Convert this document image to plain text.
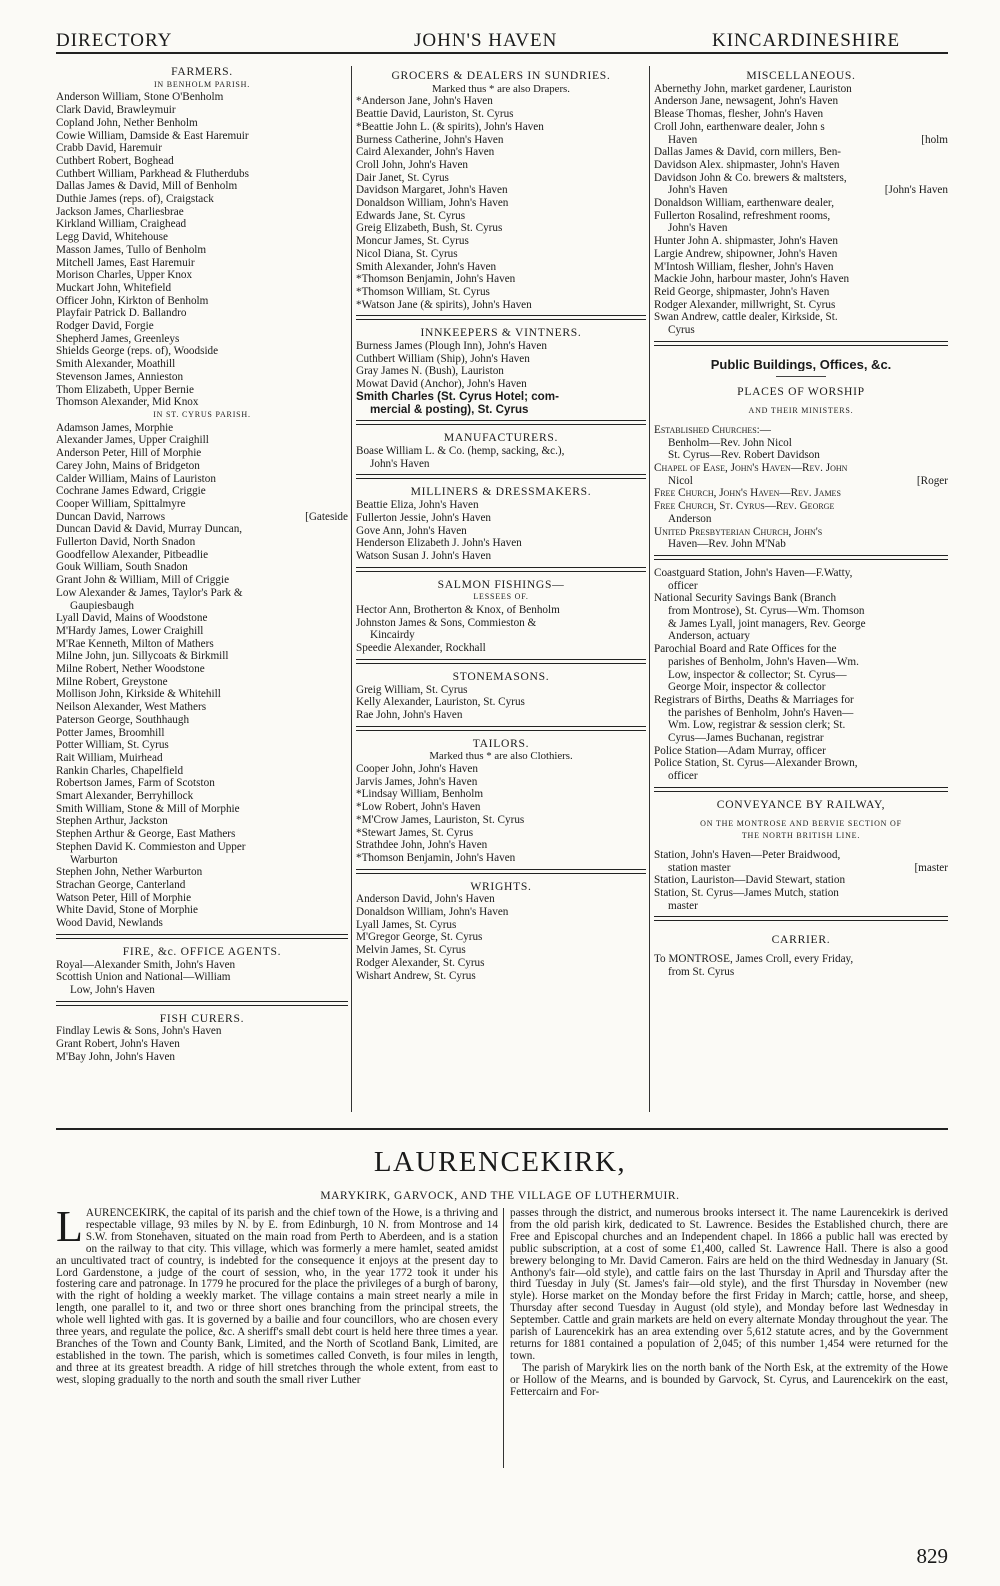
DIRECTORY	JOHN'S HAVEN	KINCARDINESHIRE
FARMERS.
IN BENHOLM PARISH.
Anderson William, Stone O'Benholm
Clark David, Brawleymuir
Copland John, Nether Benholm
Cowie William, Damside & East Haremuir
Crabb David, Haremuir
Cuthbert Robert, Boghead
Cuthbert William, Parkhead & Flutherdubs
Dallas James & David, Mill of Benholm
Duthie James (reps. of), Craigstack
Jackson James, Charliesbrae
Kirkland William, Craighead
Legg David, Whitehouse
Masson James, Tullo of Benholm
Mitchell James, East Haremuir
Morison Charles, Upper Knox
Muckart John, Whitefield
Officer John, Kirkton of Benholm
Playfair Patrick D. Ballandro
Rodger David, Forgie
Shepherd James, Greenleys
Shields George (reps. of), Woodside
Smith Alexander, Moathill
Stevenson James, Annieston
Thom Elizabeth, Upper Bernie
Thomson Alexander, Mid Knox
IN ST. CYRUS PARISH.
Adamson James, Morphie
Alexander James, Upper Craighill
Anderson Peter, Hill of Morphie
Carey John, Mains of Bridgeton
Calder William, Mains of Lauriston
Cochrane James Edward, Criggie
Cooper William, Spittalmyre
Duncan David, Narrows	[Gateside
Duncan David & David, Murray Duncan,
Fullerton David, North Snadon
Goodfellow Alexander, Pitbeadlie
Gouk William, South Snadon
Grant John & William, Mill of Criggie
Low Alexander & James, Taylor's Park &
Gaupiesbaugh
Lyall David, Mains of Woodstone
M'Hardy James, Lower Craighill
M'Rae Kenneth, Milton of Mathers
Milne John, jun. Sillycoats & Birkmill
Milne Robert, Nether Woodstone
Milne Robert, Greystone
Mollison John, Kirkside & Whitehill
Neilson Alexander, West Mathers
Paterson George, Southhaugh
Potter James, Broomhill
Potter William, St. Cyrus
Rait William, Muirhead
Rankin Charles, Chapelfield
Robertson James, Farm of Scotston
Smart Alexander, Berryhillock
Smith William, Stone & Mill of Morphie
Stephen Arthur, Jackston
Stephen Arthur & George, East Mathers
Stephen David K. Commieston and Upper
Warburton
Stephen John, Nether Warburton
Strachan George, Canterland
Watson Peter, Hill of Morphie
White David, Stone of Morphie
Wood David, Newlands
FIRE, &c. OFFICE AGENTS.
Royal—Alexander Smith, John's Haven
Scottish Union and National—William
Low, John's Haven
FISH CURERS.
Findlay Lewis & Sons, John's Haven
Grant Robert, John's Haven
M'Bay John, John's Haven
GROCERS & DEALERS IN SUNDRIES.
Marked thus * are also Drapers.
*Anderson Jane, John's Haven
Beattie David, Lauriston, St. Cyrus
*Beattie John L. (& spirits), John's Haven
Burness Catherine, John's Haven
Caird Alexander, John's Haven
Croll John, John's Haven
Dair Janet, St. Cyrus
Davidson Margaret, John's Haven
Donaldson William, John's Haven
Edwards Jane, St. Cyrus
Greig Elizabeth, Bush, St. Cyrus
Moncur James, St. Cyrus
Nicol Diana, St. Cyrus
Smith Alexander, John's Haven
*Thomson Benjamin, John's Haven
*Thomson William, St. Cyrus
*Watson Jane (& spirits), John's Haven
INNKEEPERS & VINTNERS.
Burness James (Plough Inn), John's Haven
Cuthbert William (Ship), John's Haven
Gray James N. (Bush), Lauriston
Mowat David (Anchor), John's Haven
Smith Charles (St. Cyrus Hotel; com-
mercial & posting), St. Cyrus
MANUFACTURERS.
Boase William L. & Co. (hemp, sacking, &c.),
John's Haven
MILLINERS & DRESSMAKERS.
Beattie Eliza, John's Haven
Fullerton Jessie, John's Haven
Gove Ann, John's Haven
Henderson Elizabeth J. John's Haven
Watson Susan J. John's Haven
SALMON FISHINGS—
LESSEES OF.
Hector Ann, Brotherton & Knox, of Benholm
Johnston James & Sons, Commieston &
Kincairdy
Speedie Alexander, Rockhall
STONEMASONS.
Greig William, St. Cyrus
Kelly Alexander, Lauriston, St. Cyrus
Rae John, John's Haven
TAILORS.
Marked thus * are also Clothiers.
Cooper John, John's Haven
Jarvis James, John's Haven
*Lindsay William, Benholm
*Low Robert, John's Haven
*M'Crow James, Lauriston, St. Cyrus
*Stewart James, St. Cyrus
Strathdee John, John's Haven
*Thomson Benjamin, John's Haven
WRIGHTS.
Anderson David, John's Haven
Donaldson William, John's Haven
Lyall James, St. Cyrus
M'Gregor George, St. Cyrus
Melvin James, St. Cyrus
Rodger Alexander, St. Cyrus
Wishart Andrew, St. Cyrus
MISCELLANEOUS.
Abernethy John, market gardener, Lauriston
Anderson Jane, newsagent, John's Haven
Blease Thomas, flesher, John's Haven
Croll John, earthenware dealer, John s
Haven	[holm
Dallas James & David, corn millers, Ben-
Davidson Alex. shipmaster, John's Haven
Davidson John & Co. brewers & maltsters,
John's Haven	[John's Haven
Donaldson William, earthenware dealer,
Fullerton Rosalind, refreshment rooms,
John's Haven
Hunter John A. shipmaster, John's Haven
Largie Andrew, shipowner, John's Haven
M'Intosh William, flesher, John's Haven
Mackie John, harbour master, John's Haven
Reid George, shipmaster, John's Haven
Rodger Alexander, millwright, St. Cyrus
Swan Andrew, cattle dealer, Kirkside, St.
Cyrus
Public Buildings, Offices, &c.
PLACES OF WORSHIP
AND THEIR MINISTERS.
Established Churches:—
Benholm—Rev. John Nicol
St. Cyrus—Rev. Robert Davidson
Chapel of Ease, John's Haven—Rev. John
Nicol	[Roger
Free Church, John's Haven—Rev. James
Free Church, St. Cyrus—Rev. George
Anderson
United Presbyterian Church, John's
Haven—Rev. John M'Nab
Coastguard Station, John's Haven—F.Watty,
officer
National Security Savings Bank (Branch
from Montrose), St. Cyrus—Wm. Thomson
& James Lyall, joint managers, Rev. George
Anderson, actuary
Parochial Board and Rate Offices for the
parishes of Benholm, John's Haven—Wm.
Low, inspector & collector; St. Cyrus—
George Moir, inspector & collector
Registrars of Births, Deaths & Marriages for
the parishes of Benholm, John's Haven—
Wm. Low, registrar & session clerk; St.
Cyrus—James Buchanan, registrar
Police Station—Adam Murray, officer
Police Station, St. Cyrus—Alexander Brown,
officer
CONVEYANCE BY RAILWAY,
ON THE MONTROSE AND BERVIE SECTION OF
THE NORTH BRITISH LINE.
Station, John's Haven—Peter Braidwood,
station master	[master
Station, Lauriston—David Stewart, station
Station, St. Cyrus—James Mutch, station
master
CARRIER.
To MONTROSE, James Croll, every Friday,
from St. Cyrus
LAURENCEKIRK,
MARYKIRK, GARVOCK, AND THE VILLAGE OF LUTHERMUIR.
LAURENCEKIRK, the capital of its parish and the chief town of the Howe, is a thriving and respectable village, 93 miles by N. by E. from Edinburgh, 10 N. from Montrose and 14 S.W. from Stonehaven, situated on the main road from Perth to Aberdeen, and is a station on the railway to that city. This village, which was formerly a mere hamlet, seated amidst an uncultivated tract of country, is indebted for the consequence it enjoys at the present day to Lord Gardenstone, a judge of the court of session, who, in the year 1772 took it under his fostering care and patronage. In 1779 he procured for the place the privileges of a burgh of barony, with the right of holding a weekly market. The village contains a main street nearly a mile in length, one parallel to it, and two or three short ones branching from the principal streets, the whole well lighted with gas. It is governed by a bailie and four councillors, who are chosen every three years, and regulate the police, &c. A sheriff's small debt court is held here three times a year. Branches of the Town and County Bank, Limited, and the North of Scotland Bank, Limited, are established in the town. The parish, which is sometimes called Conveth, is four miles in length, and three at its greatest breadth. A ridge of hill stretches through the whole extent, from east to west, sloping gradually to the north and south the small river Luther
passes through the district, and numerous brooks intersect it. The name Laurencekirk is derived from the old parish kirk, dedicated to St. Lawrence. Besides the Established church, there are Free and Episcopal churches and an Independent chapel. In 1866 a public hall was erected by public subscription, at a cost of some £1,400, called St. Lawrence Hall. There is also a good brewery belonging to Mr. David Cameron. Fairs are held on the third Wednesday in January (St. Anthony's fair—old style), and cattle fairs on the last Thursday in April and Thursday after the third Tuesday in July (St. James's fair—old style), and the first Thursday in November (new style). Horse market on the Monday before the first Friday in March; cattle, horse, and sheep, Thursday after second Tuesday in August (old style), and Monday before last Wednesday in September. Cattle and grain markets are held on every alternate Monday throughout the year. The parish of Laurencekirk has an area extending over 5,612 statute acres, and by the Government returns for 1881 contained a population of 2,045; of this number 1,454 were returned for the town.
The parish of Marykirk lies on the north bank of the North Esk, at the extremity of the Howe or Hollow of the Mearns, and is bounded by Garvock, St. Cyrus, and Laurencekirk on the east, Fettercairn and For-
829
